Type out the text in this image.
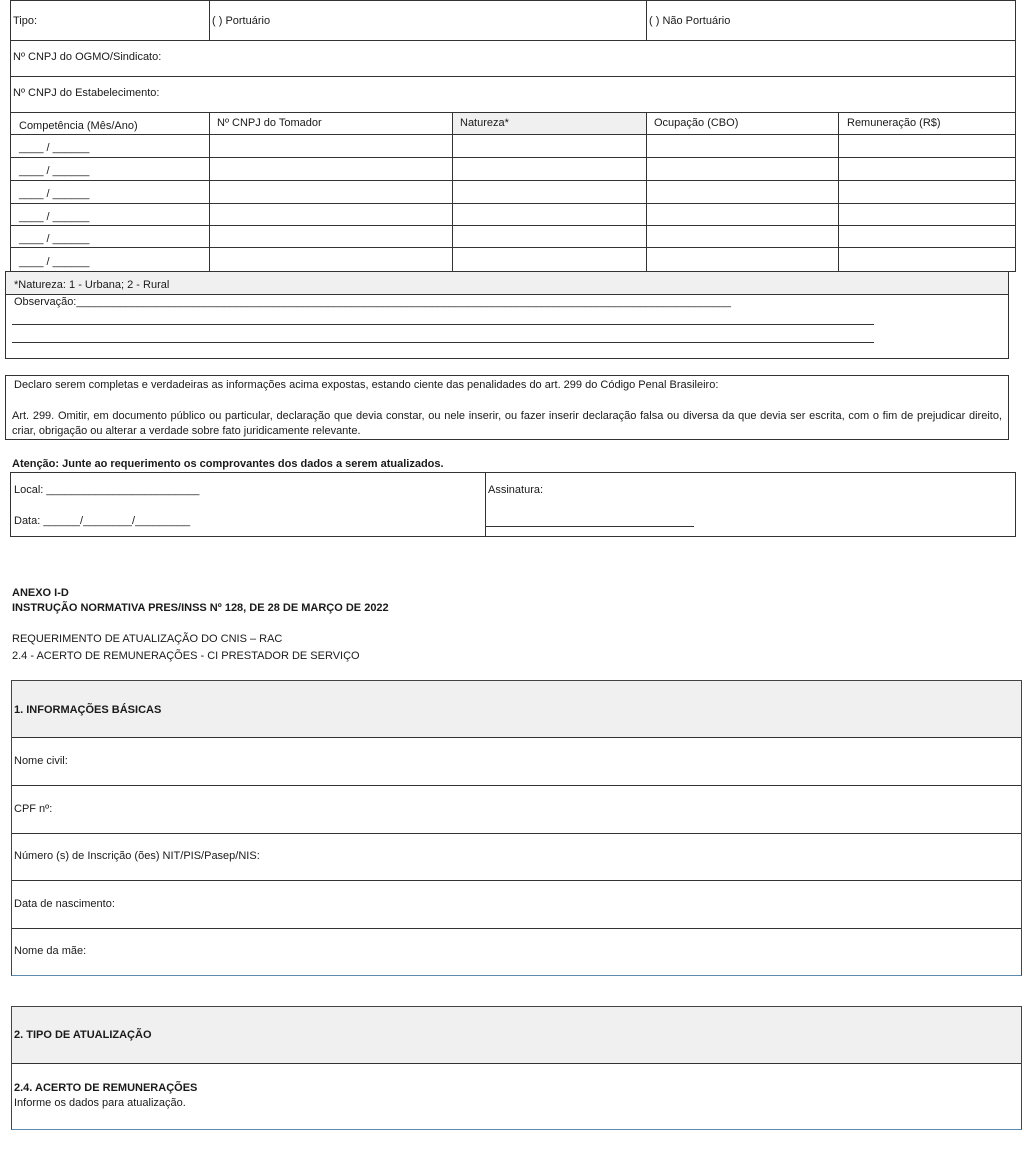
Tipo:	( ) Portuário	( ) Não Portuário
Nº CNPJ do OGMO/Sindicato:
Nº CNPJ do Estabelecimento:
Competência (Mês/Ano)	Nº CNPJ do Tomador	Natureza*	Ocupação (CBO)	Remuneração (R$)
____ / ______
____ / ______
____ / ______
____ / ______
____ / ______
____ / ______
*Natureza: 1 - Urbana; 2 - Rural
Observação:___________________________________________________________________________________________________________
Declaro serem completas e verdadeiras as informações acima expostas, estando ciente das penalidades do art. 299 do Código Penal Brasileiro:
Art. 299. Omitir, em documento público ou particular, declaração que devia constar, ou nele inserir, ou fazer inserir declaração falsa ou diversa da que devia ser escrita, com o fim de prejudicar direito, criar, obrigação ou alterar a verdade sobre fato juridicamente relevante.
Atenção: Junte ao requerimento os comprovantes dos dados a serem atualizados.
Local: _________________________
Data: ______/________/_________
Assinatura:
ANEXO I-D
INSTRUÇÃO NORMATIVA PRES/INSS Nº 128, DE 28 DE MARÇO DE 2022
REQUERIMENTO DE ATUALIZAÇÃO DO CNIS – RAC
2.4 - ACERTO DE REMUNERAÇÕES - CI PRESTADOR DE SERVIÇO
1. INFORMAÇÕES BÁSICAS
Nome civil:
CPF nº:
Número (s) de Inscrição (ões) NIT/PIS/Pasep/NIS:
Data de nascimento:
Nome da mãe:
2. TIPO DE ATUALIZAÇÃO
2.4. ACERTO DE REMUNERAÇÕES
Informe os dados para atualização.
